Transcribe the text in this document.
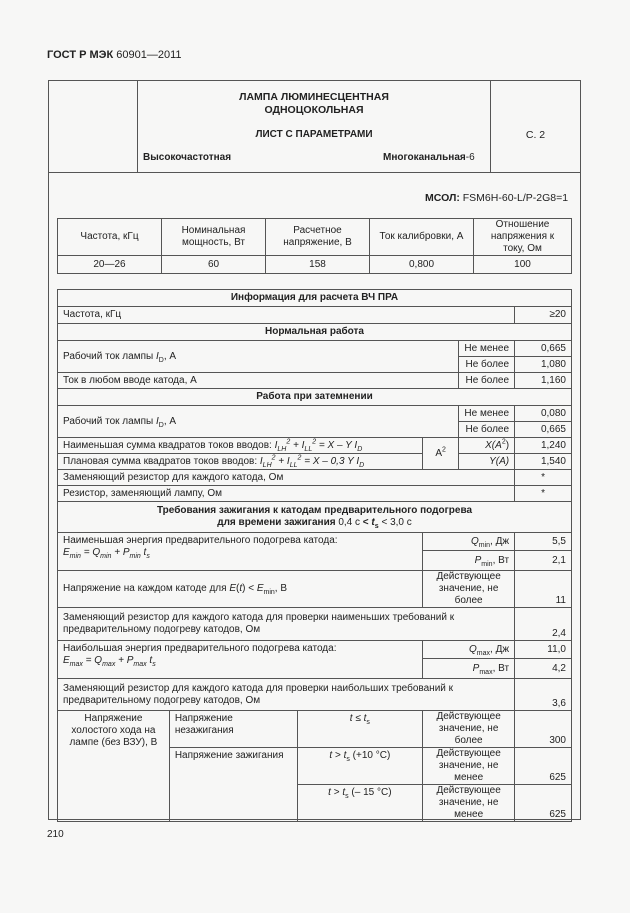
ГОСТ Р МЭК 60901—2011
ЛАМПА ЛЮМИНЕСЦЕНТНАЯ
ОДНОЦОКОЛЬНАЯ
ЛИСТ С ПАРАМЕТРАМИ	С. 2
Высокочастотная	Многоканальная-6
МСОЛ: FSM6H-60-L/P-2G8=1
Частота, кГц	Номинальная мощность, Вт	Расчетное напряжение, В	Ток калибровки, А	Отношение напряжения к току, Ом
20—26	60	158	0,800	100
Информация для расчета ВЧ ПРА					
Частота, кГц					≥20
Нормальная работа					
Рабочий ток лампы $I_D$, А				Не менее	0,665
				Не более	1,080
Ток в любом вводе катода, А				Не более	1,160
Работа при затемнении					
Рабочий ток лампы $I_D$, А				Не менее	0,080
				Не более	0,665
Наименьшая сумма квадратов токов вводов: $I_{LH}^2 + I_{LL}^2 = X - Y$ $I_D$			$A^2$	$X(A^2)$	1,240
Плановая сумма квадратов токов вводов: $I_{LH}^2 + I_{LL}^2 = X - 0,3$ Y $I_D$				Y(A)	1,540
Заменяющий резистор для каждого катода, Ом					*
Резистор, заменяющий лампу, Ом					*

Требования зажигания к катодам предварительного подогрева
для времени зажигания 0,4 $с < t_s < 3,0$ с					

Наименьшая энергия предварительного подогрева катода:
$E_{min} = Q_{min} + P_{min}$ $t_s$			$Q_{min}$, Дж		5,5
			$P_{min}$, Вт		2,1
Напряжение на каждом катоде для $E(t) < E_{min}$, В			Действующее значение, не более		11
Заменяющий резистор для каждого катода для проверки наименьших требований к предварительному подогреву катодов, Ом					2,4

Наибольшая энергия предварительного подогрева катода:
$E_{max} = Q_{max} + P_{max}$ $t_s$			$Q_{max}$, Дж		11,0
			$P_{max}$, Вт		4,2
Заменяющий резистор для каждого катода для проверки наибольших требований к предварительному подогреву катодов, Ом					3,6
Напряжение холостого хода на лампе (без ВЗУ), В	Напряжение незажигания	$t \le t_s$	Действующее значение, не более		300
	Напряжение зажигания	$t > t_s$ (+10 °C)	Действующее значение, не менее		625
		$t > t_s$ (– 15 °C)	Действующее значение, не менее		625
210
